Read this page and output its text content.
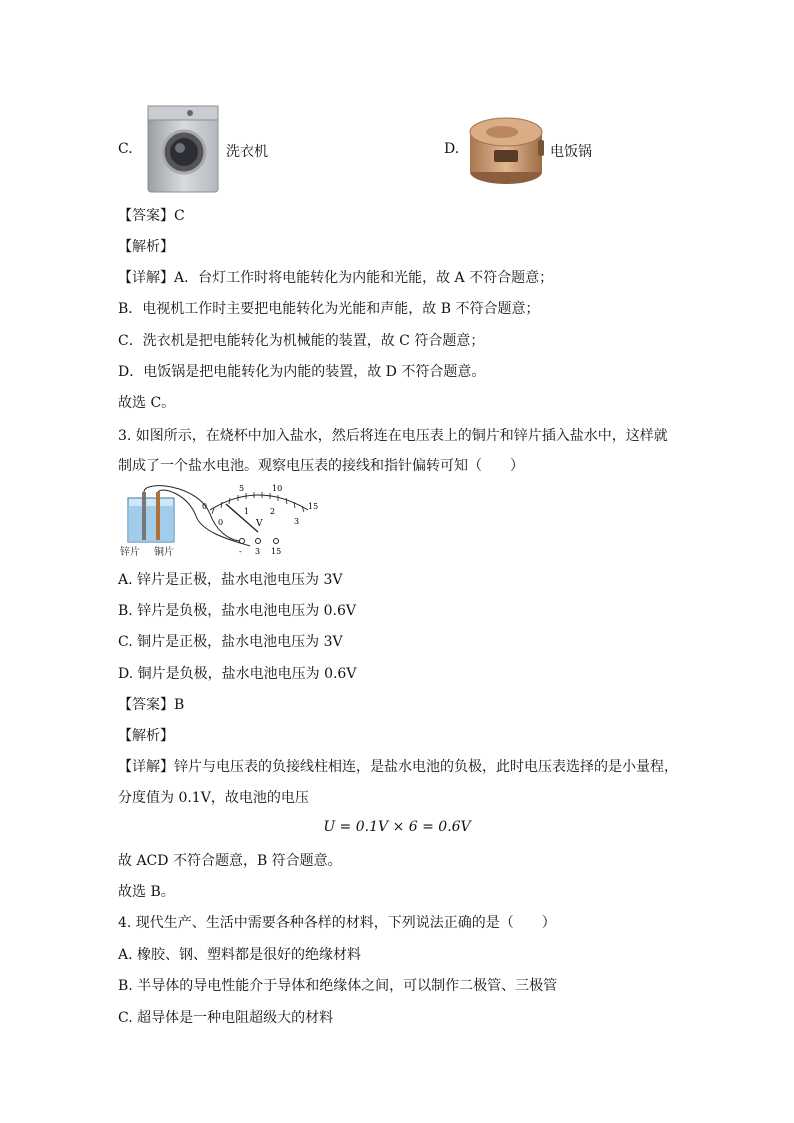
C.	洗衣机	D.	电饭锅
【答案】C
【解析】
【详解】A．台灯工作时将电能转化为内能和光能，故 A 不符合题意；
B．电视机工作时主要把电能转化为光能和声能，故 B 不符合题意；
C．洗衣机是把电能转化为机械能的装置，故 C 符合题意；
D．电饭锅是把电能转化为内能的装置，故 D 不符合题意。
故选 C。
3. 如图所示，在烧杯中加入盐水，然后将连在电压表上的铜片和锌片插入盐水中，这样就
制成了一个盐水电池。观察电压表的接线和指针偏转可知（　　）
锌片 铜片
0
5	10
15
0
1	2
3
V
- 3 15
A. 锌片是正极，盐水电池电压为 3V
B. 锌片是负极，盐水电池电压为 0.6V
C. 铜片是正极，盐水电池电压为 3V
D. 铜片是负极，盐水电池电压为 0.6V
【答案】B
【解析】
【详解】锌片与电压表的负接线柱相连，是盐水电池的负极，此时电压表选择的是小量程，
分度值为 0.1V，故电池的电压
U = 0.1V × 6 = 0.6V
故 ACD 不符合题意，B 符合题意。
故选 B。
4. 现代生产、生活中需要各种各样的材料，下列说法正确的是（　　）
A. 橡胶、钢、塑料都是很好的绝缘材料
B. 半导体的导电性能介于导体和绝缘体之间，可以制作二极管、三极管
C. 超导体是一种电阻超级大的材料
